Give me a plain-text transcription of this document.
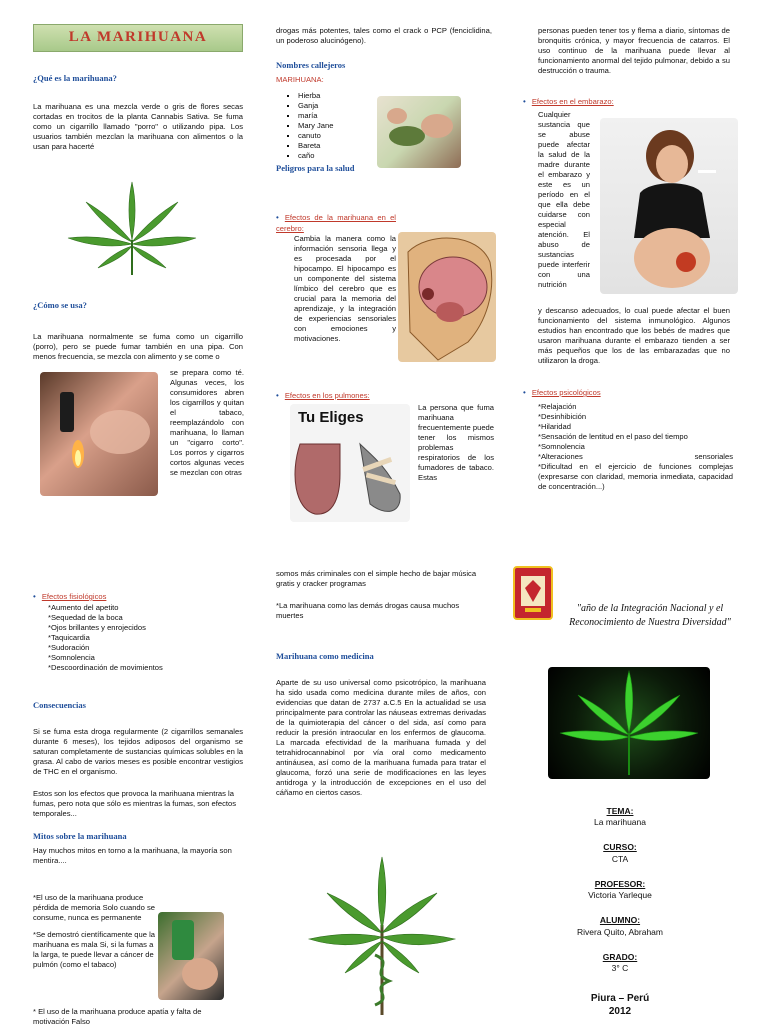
LA MARIHUANA
¿Qué es la marihuana?

La marihuana es una mezcla verde o gris de flores secas cortadas en trocitos de la planta Cannabis Sativa. Se fuma como un cigarrillo llamado "porro" o utilizando pipa. Los usuarios también mezclan la marihuana con alimentos o la usan para hacerté

¿Cómo se usa?

La marihuana normalmente se fuma como un cigarrillo (porro), pero se puede fumar también en una pipa. Con menos frecuencia, se mezcla con alimento y se come o

se prepara como té. Algunas veces, los consumidores abren los cigarrillos y quitan el tabaco, reemplazándolo con marihuana, lo llaman un "cigarro corto". Los porros y cigarros cortos algunas veces se mezclan con otras

drogas más potentes, tales como el crack o PCP (fenciclidina, un poderoso alucinógeno).

Nombres callejeros
MARIHUANA:
▪ Hierba
▪ Ganja
▪ maría
▪ Mary Jane
▪ canuto
▪ Bareta
▪ caño
Peligros para la salud

• Efectos de la marihuana en el cerebro:

Cambia la manera como la información sensoria llega y es procesada por el hipocampo. El hipocampo es un componente del sistema límbico del cerebro que es crucial para la memoria del aprendizaje, y la integración de experiencias sensoriales con emociones y motivaciones.

• Efectos en los pulmones:

Tu Eliges

La persona que fuma marihuana frecuentemente puede tener los mismos problemas respiratorios de los fumadores de tabaco. Estas

personas pueden tener tos y flema a diario, síntomas de bronquitis crónica, y mayor frecuencia de catarros. El uso continuo de la marihuana puede llevar al funcionamiento anormal del tejido pulmonar, debido a su destrucción o trauma.

• Efectos en el embarazo:

Cualquier sustancia que se abuse puede afectar la salud de la madre durante el embarazo y este es un período en el que ella debe cuidarse con especial atención. El abuso de sustancias puede interferir con una nutrición

y descanso adecuados, lo cual puede afectar el buen funcionamiento del sistema inmunológico. Algunos estudios han encontrado que los bebés de madres que usaron marihuana durante el embarazo tienden a ser más pequeños que los de las embarazadas que no utilizaron la droga.

• Efectos psicológicos

*Relajación
*Desinhibición
*Hilaridad
*Sensación de lentitud en el paso del tiempo
*Somnolencia
*Alteraciones sensoriales
*Dificultad en el ejercicio de funciones complejas (expresarse con claridad, memoria inmediata, capacidad de concentración...)

• Efectos fisiológicos

*Aumento del apetito
*Sequedad de la boca
*Ojos brillantes y enrojecidos
*Taquicardia
*Sudoración
*Somnolencia
*Descoordinación de movimientos
Consecuencias

Si se fuma esta droga regularmente (2 cigarrillos semanales durante 6 meses), los tejidos adiposos del organismo se saturan completamente de sustancias químicas solubles en la grasa. Al cabo de varios meses es posible encontrar vestigios de THC en el organismo.

Estos son los efectos que provoca la marihuana mientras la fumas, pero nota que sólo es mientras la fumas, son efectos temporales...

Mitos sobre la marihuana

Hay muchos mitos en torno a la marihuana, la mayoría son mentira....

*El uso de la marihuana produce pérdida de memoria Solo cuando se consume, nunca es permanente

*Se demostró científicamente que la marihuana es mala Si, si la fumas a la larga, te puede llevar a cáncer de pulmón (como el tabaco)

* El uso de la marihuana produce apatía y falta de motivación Falso

somos más criminales con el simple hecho de bajar música gratis y cracker programas

*La marihuana como las demás drogas causa muchos muertes

Marihuana como medicina

Aparte de su uso universal como psicotrópico, la marihuana ha sido usada como medicina durante miles de años, con evidencias que datan de 2737 a.C.5 En la actualidad se usa principalmente para controlar las náuseas extremas derivadas de la quimioterapia del cáncer o del sida, así como para reducir la presión intraocular en los enfermos de glaucoma. La marcada efectividad de la marihuana fumada y del tetrahidrocannabinol por vía oral como medicamento antináusea, así como de la marihuana fumada para tratar el glaucoma, forzó una serie de modificaciones en las leyes antidroga y la introducción de excepciones en el uso del cáñamo en ciertos casos.

"año de la Integración Nacional y el Reconocimiento de Nuestra Diversidad"
TEMA:
La marihuana
CURSO:
CTA
PROFESOR:
Victoria Yarleque
ALUMNO:
Rivera Quito, Abraham
GRADO:
3° C
Piura – Perú
2012
